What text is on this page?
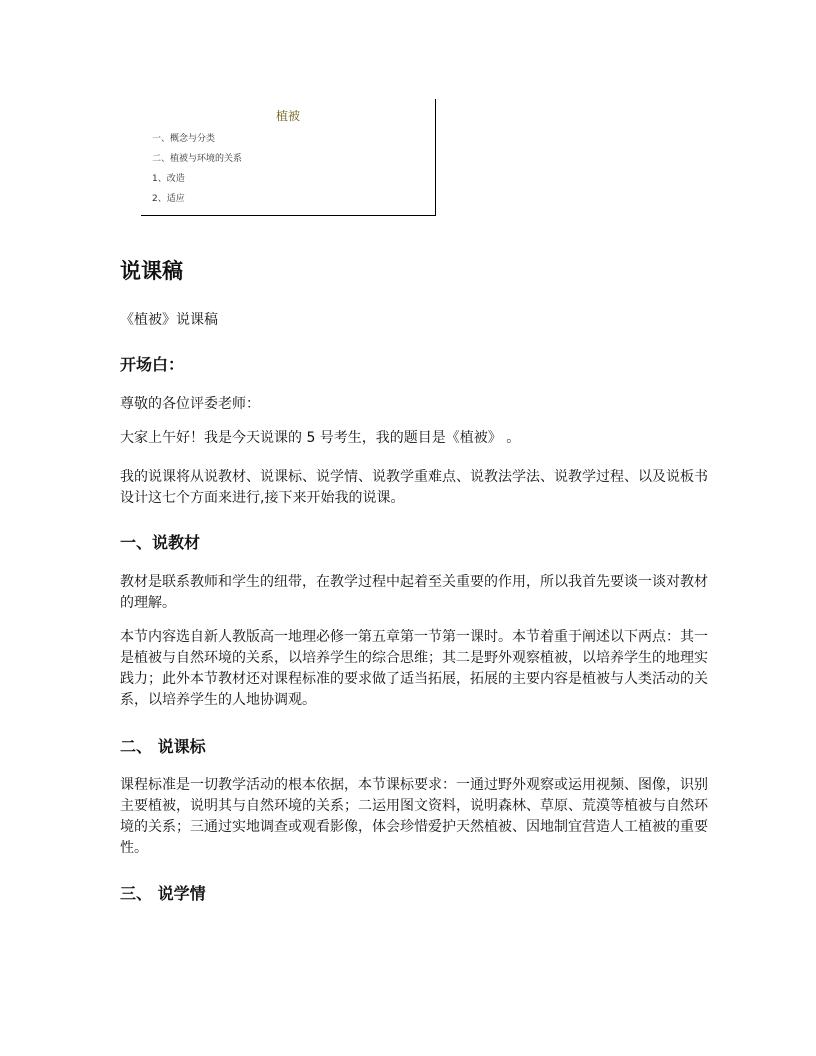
植被
一、概念与分类
二、植被与环境的关系
1、改造
2、适应
说课稿

《植被》说课稿

开场白：

尊敬的各位评委老师：

大家上午好！我是今天说课的 5 号考生，我的题目是《植被》 。

我的说课将从说教材、说课标、说学情、说教学重难点、说教法学法、说教学过程、以及说板书设计这七个方面来进行,接下来开始我的说课。

一、说教材

教材是联系教师和学生的纽带，在教学过程中起着至关重要的作用，所以我首先要谈一谈对教材的理解。

本节内容选自新人教版高一地理必修一第五章第一节第一课时。本节着重于阐述以下两点：其一是植被与自然环境的关系，以培养学生的综合思维；其二是野外观察植被，以培养学生的地理实践力；此外本节教材还对课程标准的要求做了适当拓展，拓展的主要内容是植被与人类活动的关系，以培养学生的人地协调观。

二、 说课标

课程标准是一切教学活动的根本依据，本节课标要求：一通过野外观察或运用视频、图像，识别主要植被，说明其与自然环境的关系；二运用图文资料，说明森林、草原、荒漠等植被与自然环境的关系；三通过实地调查或观看影像，体会珍惜爱护天然植被、因地制宜营造人工植被的重要性。

三、 说学情
